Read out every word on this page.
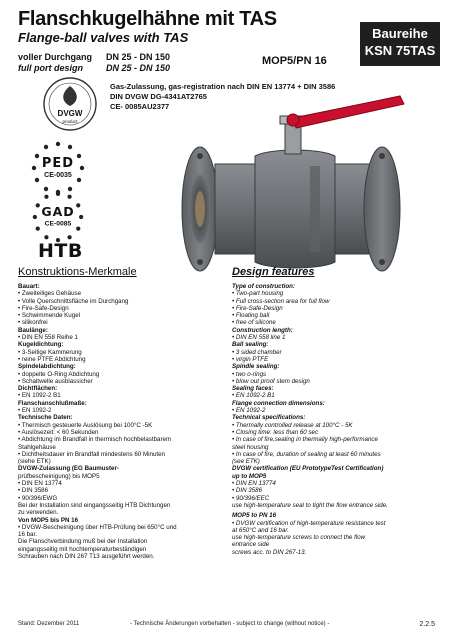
Flanschkugelhähne mit TAS
Flange-ball valves with TAS	Baureihe
KSN 75TAS
voller Durchgang DN 25 - DN 150
full port design	DN 25 - DN 150
MOP5/PN 16
Gas-Zulassung, gas-registration nach DIN EN 13774 + DIN 3586
DIN DVGW DG-4341AT2765
CE- 0085AU2377
DVGW
product
PED
CE-0035
GAD
CE-0085
HTB
Konstruktions-Merkmale
Bauart:
• Zweiteiliges Gehäuse
• Volle Querschnittsfläche im Durchgang
• Fire-Safe-Design
• Schwimmende Kugel
• silikonfrei
Baulänge:
• DIN EN 558 Reihe 1
Kugeldichtung:
• 3-Seitige Kammerung
• reine PTFE Abdichtung
Spindelabdichtung:
• doppelte O-Ring Abdichtung
• Schaltwelle ausblassicher
Dichtflächen:
• EN 1092-2 B1
Flanschanschlußmaße:
• EN 1092-2
Technische Daten:
• Thermisch gesteuerte Auslösung bei 100°C -5K
• Auslösezeit: < 60 Sekunden
• Abdichtung im Brandfall in thermisch hochbelastbarem
Stahlgehäuse
• Dichtheitsdauer im Brandfall mindestens 60 Minuten
(siehe ETK)
DVGW-Zulassung (EG Baumuster-
prüfbescheinigung) bis MOP5
• DIN EN 13774
• DIN 3586
• 90/396/EWG
Bei der Installation sind eingangsseitig HTB Dichtungen
zu verwenden.
Von MOP5 bis PN 16
• DVGW-Bescheinigung über HTB-Prüfung bei 650°C und
16 bar.
Die Flanschverbindung muß bei der Installation
eingangsseitig mit hochtemperaturbeständigen
Schrauben nach DIN 267 T13 ausgeführt werden.
Design features
Type of construction:
• Two-part housing
• Full cross-section area for full flow
• Fire-Safe-Design
• Floating ball
• free of silicone
Construction length:
• DIN EN 558 line 1
Ball sealing:
• 3 sided chamber
• virgin PTFE
Spindle sealing:
• two o-rings
• blow out proof stem design
Sealing faces:
• EN 1092-2 B1
Flange connection dimensions:
• EN 1092-2
Technical specifications:
• Thermally controlled release at 100°C - 5K
• Closing time: less than 60 sec
• In case of fire,sealing in thermally high-performance
steel housing
• In case of fire, duration of sealing at least 60 minutes
(see ETK)
DVGW certification (EU PrototypeTest Certification)
up to MOP5
• DIN EN 13774
• DIN 3586
• 90/396/EEC
use high-temperature seal to tight the flow entrance side.
MOP5 to PN 16
• DVGW certification of high-temperature resistance test
at 650°C and 16 bar.
use high-temperature screws to connect the flow
entrance side
screws acc. to DIN 267-13.
Stand: Dezember 2011	- Technische Änderungen vorbehalten - subject to change (without notice) -	2.2.5
